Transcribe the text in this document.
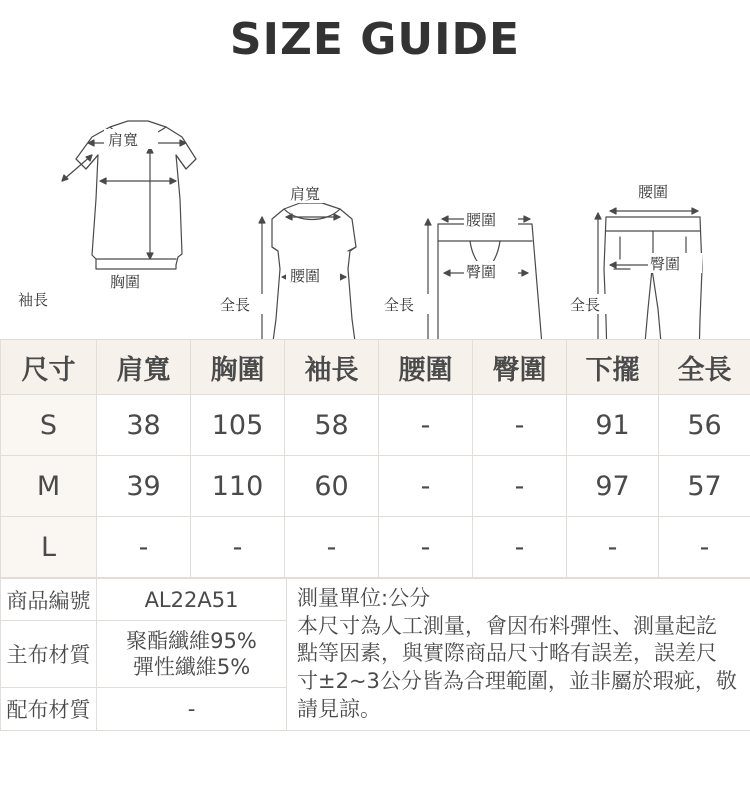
SIZE GUIDE
肩寬
袖長
胸圍
肩寬
腰圍
全長
腰圍
臀圍
全長
腰圍
臀圍
全長
尺寸	肩寬	胸圍	袖長	腰圍	臀圍	下擺	全長
S	38	105	58	-	-	91	56
M	39	110	60	-	-	97	57
L	-	-	-	-	-	-	-
商品編號	AL22A51	測量單位:公分
本尺寸為人工測量，會因布料彈性、測量起訖
點等因素，與實際商品尺寸略有誤差，誤差尺
寸±2~3公分皆為合理範圍，並非屬於瑕疵，敬
請見諒。

主布材質	聚酯纖維95%
彈性纖維5%	

配布材質	-	
